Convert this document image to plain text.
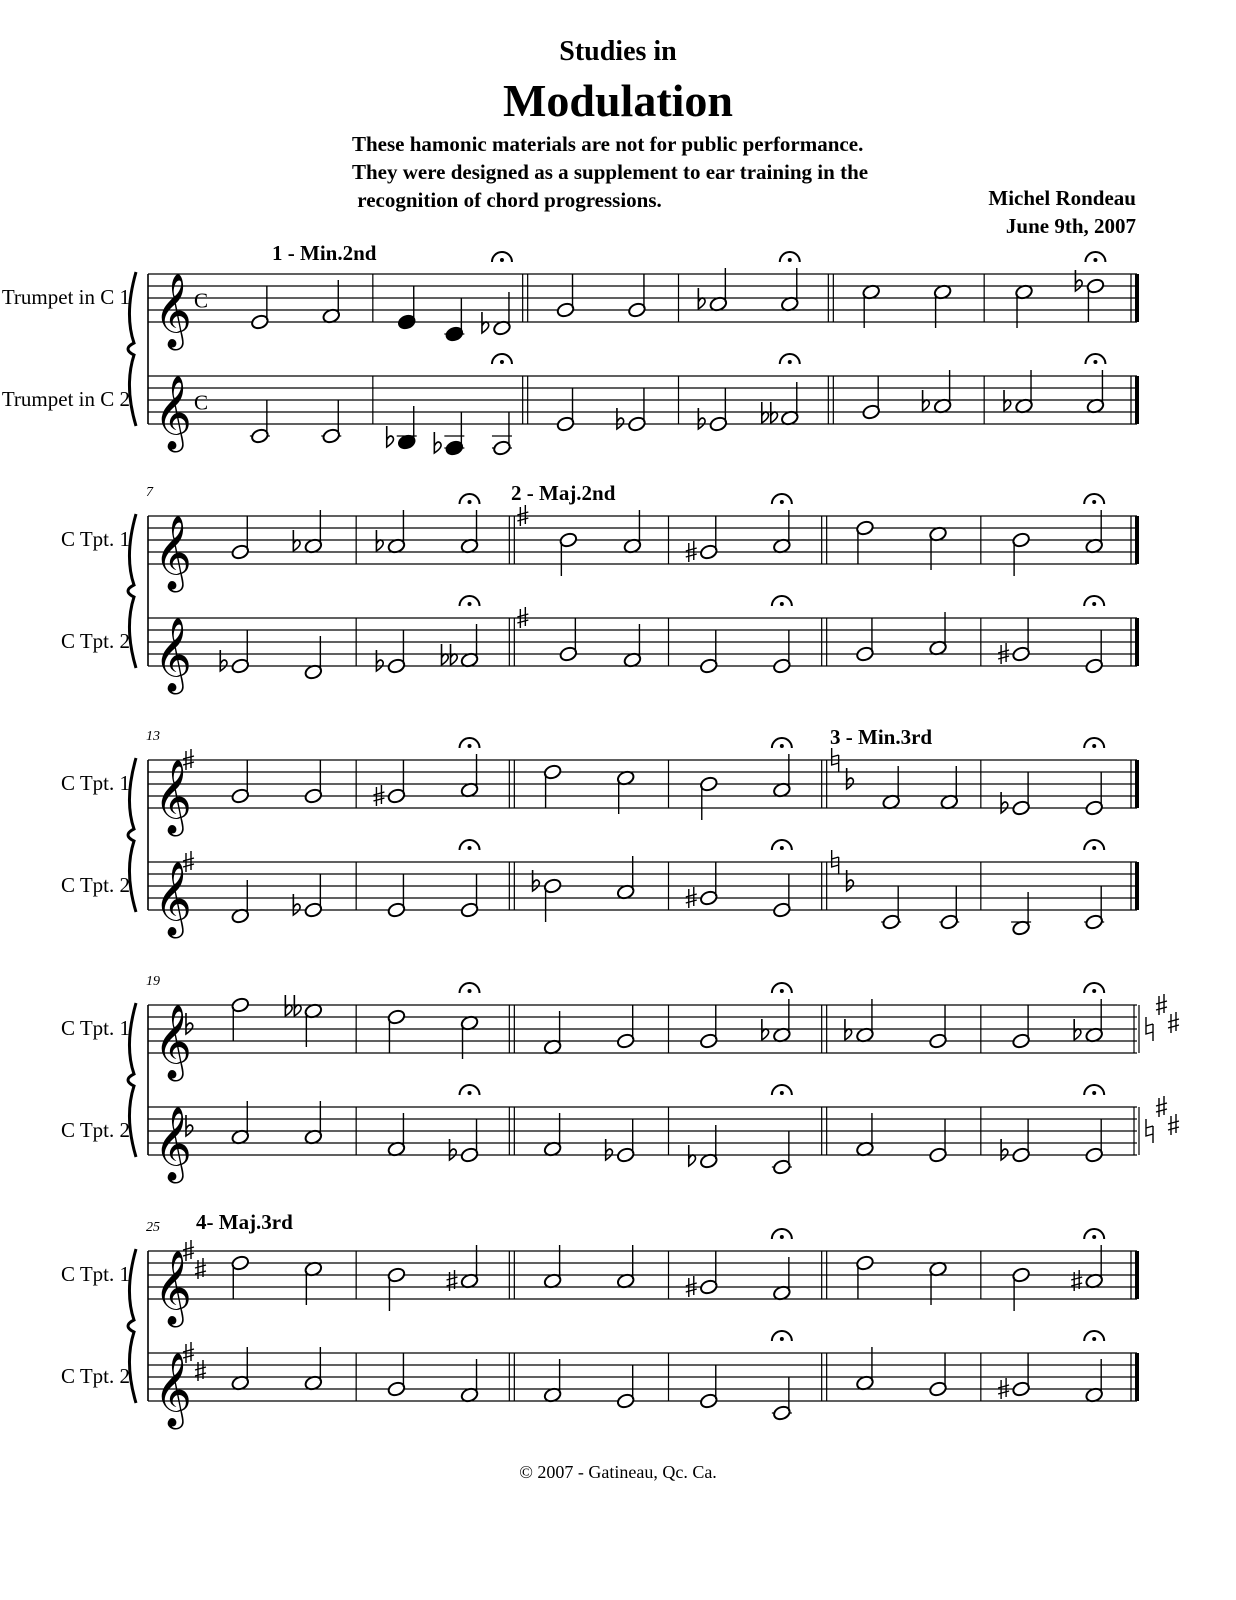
Studies in
Modulation
These hamonic materials are not for public performance.
They were designed as a supplement to ear training in the
recognition of chord progressions.	Michel Rondeau
June 9th, 2007
𝄞
𝄞
Trumpet in C 1
Trumpet in C 2
C
C
𝄞
𝄞
C Tpt. 1
C Tpt. 2
7
𝄞
𝄞
C Tpt. 1
C Tpt. 2
13
𝄞
𝄞
C Tpt. 1
C Tpt. 2
19
𝄞
𝄞
C Tpt. 1
C Tpt. 2
25
1 - Min.2nd
2 - Maj.2nd
3 - Min.3rd
4- Maj.3rd
© 2007 - Gatineau, Qc. Ca.
